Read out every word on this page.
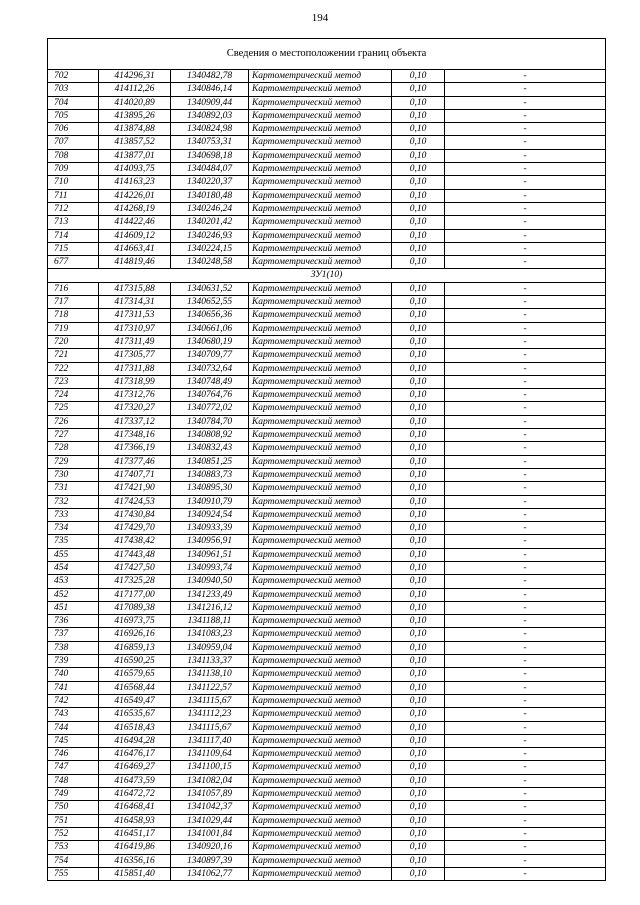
194
Сведения о местоположении границ объекта					
702	414296,31	1340482,78	Картометрический метод	0,10	-
703	414112,26	1340846,14	Картометрический метод	0,10	-
704	414020,89	1340909,44	Картометрический метод	0,10	-
705	413895,26	1340892,03	Картометрический метод	0,10	-
706	413874,88	1340824,98	Картометрический метод	0,10	-
707	413857,52	1340753,31	Картометрический метод	0,10	-
708	413877,01	1340698,18	Картометрический метод	0,10	-
709	414093,75	1340484,07	Картометрический метод	0,10	-
710	414163,23	1340220,37	Картометрический метод	0,10	-
711	414226,01	1340180,48	Картометрический метод	0,10	-
712	414268,19	1340246,24	Картометрический метод	0,10	-
713	414422,46	1340201,42	Картометрический метод	0,10	-
714	414609,12	1340246,93	Картометрический метод	0,10	-
715	414663,41	1340224,15	Картометрический метод	0,10	-
677	414819,46	1340248,58	Картометрический метод	0,10	-
ЗУ1(10)					
716	417315,88	1340631,52	Картометрический метод	0,10	-
717	417314,31	1340652,55	Картометрический метод	0,10	-
718	417311,53	1340656,36	Картометрический метод	0,10	-
719	417310,97	1340661,06	Картометрический метод	0,10	-
720	417311,49	1340680,19	Картометрический метод	0,10	-
721	417305,77	1340709,77	Картометрический метод	0,10	-
722	417311,88	1340732,64	Картометрический метод	0,10	-
723	417318,99	1340748,49	Картометрический метод	0,10	-
724	417312,76	1340764,76	Картометрический метод	0,10	-
725	417320,27	1340772,02	Картометрический метод	0,10	-
726	417337,12	1340784,70	Картометрический метод	0,10	-
727	417348,16	1340808,92	Картометрический метод	0,10	-
728	417366,19	1340832,43	Картометрический метод	0,10	-
729	417377,46	1340851,25	Картометрический метод	0,10	-
730	417407,71	1340883,73	Картометрический метод	0,10	-
731	417421,90	1340895,30	Картометрический метод	0,10	-
732	417424,53	1340910,79	Картометрический метод	0,10	-
733	417430,84	1340924,54	Картометрический метод	0,10	-
734	417429,70	1340933,39	Картометрический метод	0,10	-
735	417438,42	1340956,91	Картометрический метод	0,10	-
455	417443,48	1340961,51	Картометрический метод	0,10	-
454	417427,50	1340993,74	Картометрический метод	0,10	-
453	417325,28	1340940,50	Картометрический метод	0,10	-
452	417177,00	1341233,49	Картометрический метод	0,10	-
451	417089,38	1341216,12	Картометрический метод	0,10	-
736	416973,75	1341188,11	Картометрический метод	0,10	-
737	416926,16	1341083,23	Картометрический метод	0,10	-
738	416859,13	1340959,04	Картометрический метод	0,10	-
739	416590,25	1341133,37	Картометрический метод	0,10	-
740	416579,65	1341138,10	Картометрический метод	0,10	-
741	416568,44	1341122,57	Картометрический метод	0,10	-
742	416549,47	1341115,67	Картометрический метод	0,10	-
743	416535,67	1341112,23	Картометрический метод	0,10	-
744	416518,43	1341115,67	Картометрический метод	0,10	-
745	416494,28	1341117,40	Картометрический метод	0,10	-
746	416476,17	1341109,64	Картометрический метод	0,10	-
747	416469,27	1341100,15	Картометрический метод	0,10	-
748	416473,59	1341082,04	Картометрический метод	0,10	-
749	416472,72	1341057,89	Картометрический метод	0,10	-
750	416468,41	1341042,37	Картометрический метод	0,10	-
751	416458,93	1341029,44	Картометрический метод	0,10	-
752	416451,17	1341001,84	Картометрический метод	0,10	-
753	416419,86	1340920,16	Картометрический метод	0,10	-
754	416356,16	1340897,39	Картометрический метод	0,10	-
755	415851,40	1341062,77	Картометрический метод	0,10	-
